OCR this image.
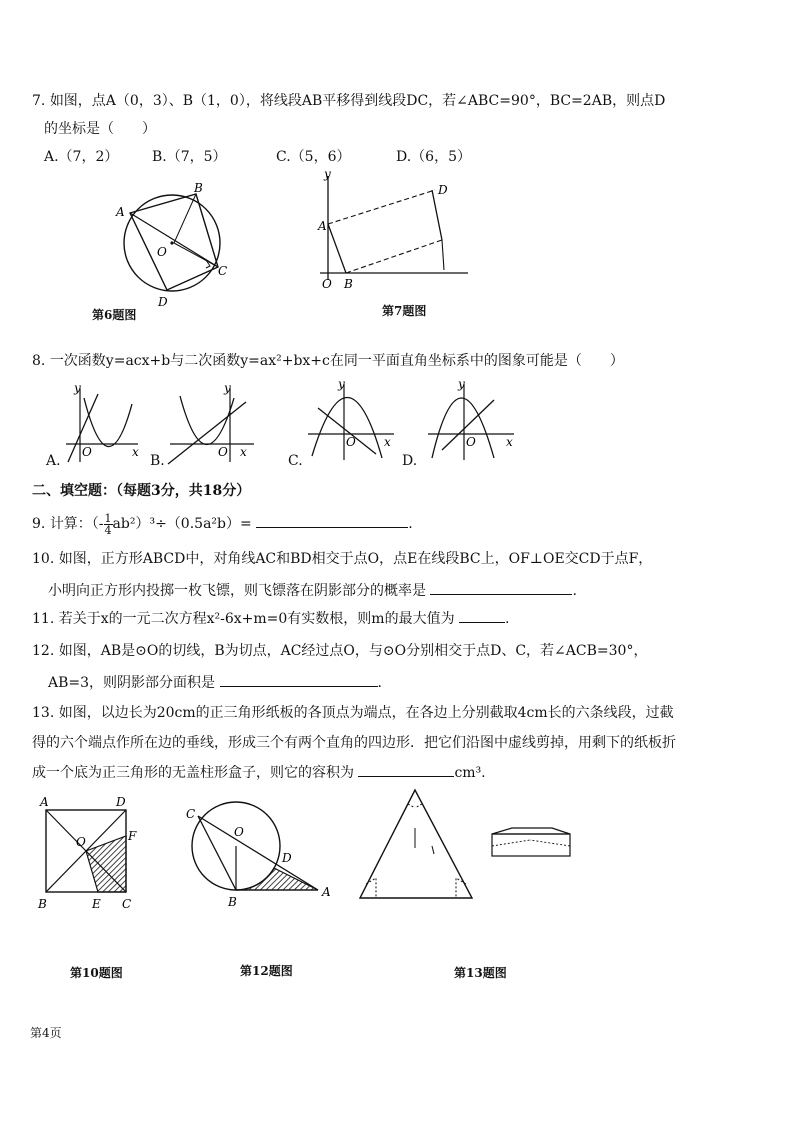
7. 如图，点A（0，3）、B（1，0），将线段AB平移得到线段DC，若∠ABC=90°，BC=2AB，则点D
的坐标是（　　）
A.（7，2） B.（7，5）	C.（5，6）	D.（6，5）
A
B
C
D
O
第6题图
y
A
O B
D
第7题图
8. 一次函数y=acx+b与二次函数y=ax²+bx+c在同一平面直角坐标系中的图象可能是（　　）
y
O	x
A.
y
O x
B.
y
O x
C.
y
O	x
D.
二、填空题：（每题3分，共18分）
9. 计算：（- $\frac{1}{4} ab^2)^3\div(0.5a^2b)=$	.
10. 如图，正方形ABCD中，对角线AC和BD相交于点O，点E在线段BC上，OF⊥OE交CD于点F，
小明向正方形内投掷一枚飞镖，则飞镖落在阴影部分的概率是	.
11. 若关于x的一元二次方程x²-6x+m=0有实数根，则m的最大值为	.
12. 如图，AB是⊙O的切线，B为切点，AC经过点O，与⊙O分别相交于点D、C，若∠ACB=30°，
AB=3，则阴影部分面积是	.
13. 如图，以边长为20cm的正三角形纸板的各顶点为端点，在各边上分别截取4cm长的六条线段，过截
得的六个端点作所在边的垂线，形成三个有两个直角的四边形．把它们沿图中虚线剪掉，用剩下的纸板折
成一个底为正三角形的无盖柱形盒子，则它的容积为	cm³.
A	D
O	F
B	E C
第10题图
C
O
D
B
A
第12题图	第13题图
第4页
